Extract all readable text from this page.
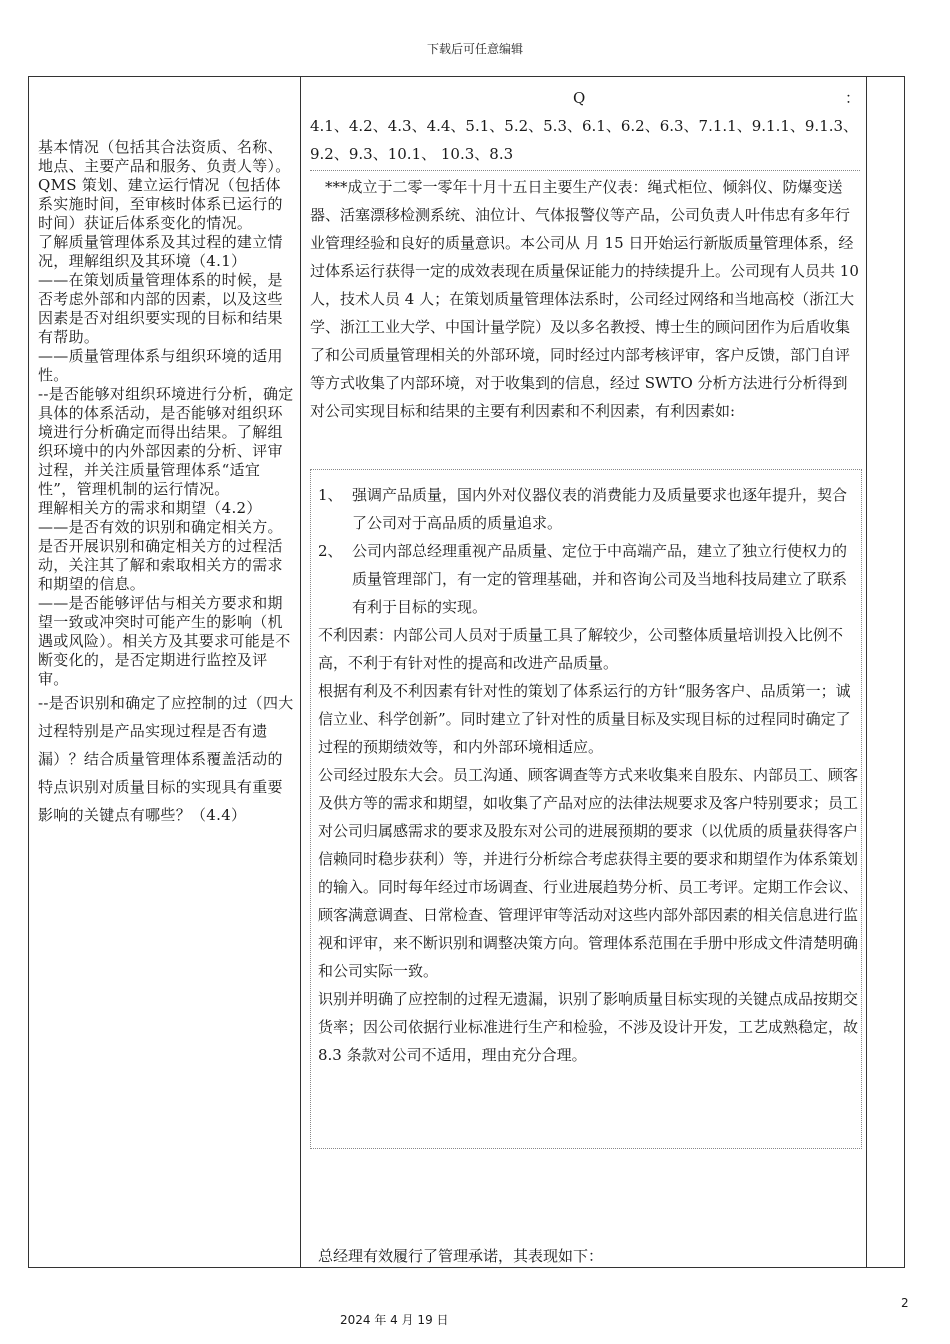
下载后可任意编辑

基本情况（包括其合法资质、名称、地点、主要产品和服务、负责人等）。

QMS 策划、建立运行情况（包括体系实施时间，至审核时体系已运行的时间）获证后体系变化的情况。

了解质量管理体系及其过程的建立情况，理解组织及其环境（4.1）

——在策划质量管理体系的时候，是否考虑外部和内部的因素，以及这些因素是否对组织要实现的目标和结果有帮助。

——质量管理体系与组织环境的适用性。

--是否能够对组织环境进行分析，确定具体的体系活动，是否能够对组织环境进行分析确定而得出结果。了解组织环境中的内外部因素的分析、评审过程，并关注质量管理体系“适宜性”，管理机制的运行情况。

理解相关方的需求和期望（4.2）

——是否有效的识别和确定相关方。

是否开展识别和确定相关方的过程活动，关注其了解和索取相关方的需求和期望的信息。

——是否能够评估与相关方要求和期望一致或冲突时可能产生的影响（机遇或风险）。相关方及其要求可能是不断变化的，是否定期进行监控及评审。

--是否识别和确定了应控制的过（四大过程特别是产品实现过程是否有遗漏）？结合质量管理体系覆盖活动的特点识别对质量目标的实现具有重要影响的关键点有哪些？（4.4）

Q	：

4.1、4.2、4.3、4.4、5.1、5.2、5.3、6.1、6.2、6.3、7.1.1、9.1.1、9.1.3、9.2、9.3、10.1、 10.3、8.3

***成立于二零一零年十月十五日主要生产仪表：绳式柜位、倾斜仪、防爆变送器、活塞漂移检测系统、油位计、气体报警仪等产品，公司负责人叶伟忠有多年行业管理经验和良好的质量意识。本公司从 月 15 日开始运行新版质量管理体系，经过体系运行获得一定的成效表现在质量保证能力的持续提升上。公司现有人员共 10 人，技术人员 4 人；在策划质量管理体法系时，公司经过网络和当地高校（浙江大学、浙江工业大学、中国计量学院）及以多名教授、博士生的顾问团作为后盾收集了和公司质量管理相关的外部环境，同时经过内部考核评审，客户反馈，部门自评等方式收集了内部环境，对于收集到的信息，经过 SWTO 分析方法进行分析得到对公司实现目标和结果的主要有利因素和不利因素，有利因素如:

1、 强调产品质量，国内外对仪器仪表的消费能力及质量要求也逐年提升，契合了公司对于高品质的质量追求。
2、 公司内部总经理重视产品质量、定位于中高端产品，建立了独立行使权力的质量管理部门，有一定的管理基础，并和咨询公司及当地科技局建立了联系有利于目标的实现。

不利因素：内部公司人员对于质量工具了解较少，公司整体质量培训投入比例不高，不利于有针对性的提高和改进产品质量。

根据有利及不利因素有针对性的策划了体系运行的方针“服务客户、品质第一；诚信立业、科学创新”。同时建立了针对性的质量目标及实现目标的过程同时确定了过程的预期绩效等，和内外部环境相适应。

公司经过股东大会。员工沟通、顾客调查等方式来收集来自股东、内部员工、顾客及供方等的需求和期望，如收集了产品对应的法律法规要求及客户特别要求；员工对公司归属感需求的要求及股东对公司的进展预期的要求（以优质的质量获得客户信赖同时稳步获利）等，并进行分析综合考虑获得主要的要求和期望作为体系策划的输入。同时每年经过市场调查、行业进展趋势分析、员工考评。定期工作会议、顾客满意调查、日常检查、管理评审等活动对这些内部外部因素的相关信息进行监视和评审，来不断识别和调整决策方向。管理体系范围在手册中形成文件清楚明确和公司实际一致。

识别并明确了应控制的过程无遗漏，识别了影响质量目标实现的关键点成品按期交货率；因公司依据行业标准进行生产和检验，不涉及设计开发，工艺成熟稳定，故 8.3 条款对公司不适用，理由充分合理。

总经理有效履行了管理承诺，其表现如下：
2024 年 4 月 19 日
2
